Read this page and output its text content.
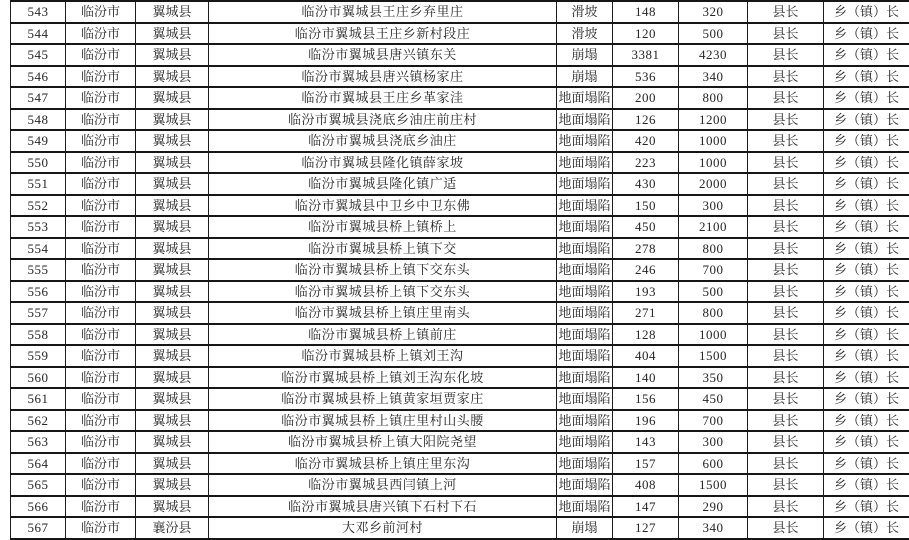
543	临汾市	翼城县	临汾市翼城县王庄乡弃里庄	滑坡	148	320	县长	乡（镇）长
544	临汾市	翼城县	临汾市翼城县王庄乡新村段庄	滑坡	120	500	县长	乡（镇）长
545	临汾市	翼城县	临汾市翼城县唐兴镇东关	崩塌	3381	4230	县长	乡（镇）长
546	临汾市	翼城县	临汾市翼城县唐兴镇杨家庄	崩塌	536	340	县长	乡（镇）长
547	临汾市	翼城县	临汾市翼城县王庄乡革家洼	地面塌陷	200	800	县长	乡（镇）长
548	临汾市	翼城县	临汾市翼城县浇底乡油庄前庄村	地面塌陷	126	1200	县长	乡（镇）长
549	临汾市	翼城县	临汾市翼城县浇底乡油庄	地面塌陷	420	1000	县长	乡（镇）长
550	临汾市	翼城县	临汾市翼城县隆化镇薛家坡	地面塌陷	223	1000	县长	乡（镇）长
551	临汾市	翼城县	临汾市翼城县隆化镇广适	地面塌陷	430	2000	县长	乡（镇）长
552	临汾市	翼城县	临汾市翼城县中卫乡中卫东佛	地面塌陷	150	300	县长	乡（镇）长
553	临汾市	翼城县	临汾市翼城县桥上镇桥上	地面塌陷	450	2100	县长	乡（镇）长
554	临汾市	翼城县	临汾市翼城县桥上镇下交	地面塌陷	278	800	县长	乡（镇）长
555	临汾市	翼城县	临汾市翼城县桥上镇下交东头	地面塌陷	246	700	县长	乡（镇）长
556	临汾市	翼城县	临汾市翼城县桥上镇下交东头	地面塌陷	193	500	县长	乡（镇）长
557	临汾市	翼城县	临汾市翼城县桥上镇庄里南头	地面塌陷	271	800	县长	乡（镇）长
558	临汾市	翼城县	临汾市翼城县桥上镇前庄	地面塌陷	128	1000	县长	乡（镇）长
559	临汾市	翼城县	临汾市翼城县桥上镇刘王沟	地面塌陷	404	1500	县长	乡（镇）长
560	临汾市	翼城县	临汾市翼城县桥上镇刘王沟东化坡	地面塌陷	140	350	县长	乡（镇）长
561	临汾市	翼城县	临汾市翼城县桥上镇黄家垣贾家庄	地面塌陷	156	450	县长	乡（镇）长
562	临汾市	翼城县	临汾市翼城县桥上镇庄里村山头腰	地面塌陷	196	700	县长	乡（镇）长
563	临汾市	翼城县	临汾市翼城县桥上镇大阳院尧望	地面塌陷	143	300	县长	乡（镇）长
564	临汾市	翼城县	临汾市翼城县桥上镇庄里东沟	地面塌陷	157	600	县长	乡（镇）长
565	临汾市	翼城县	临汾市翼城县西闫镇上河	地面塌陷	408	1500	县长	乡（镇）长
566	临汾市	翼城县	临汾市翼城县唐兴镇下石村下石	地面塌陷	147	290	县长	乡（镇）长
567	临汾市	襄汾县	大邓乡前河村	崩塌	127	340	县长	乡（镇）长
